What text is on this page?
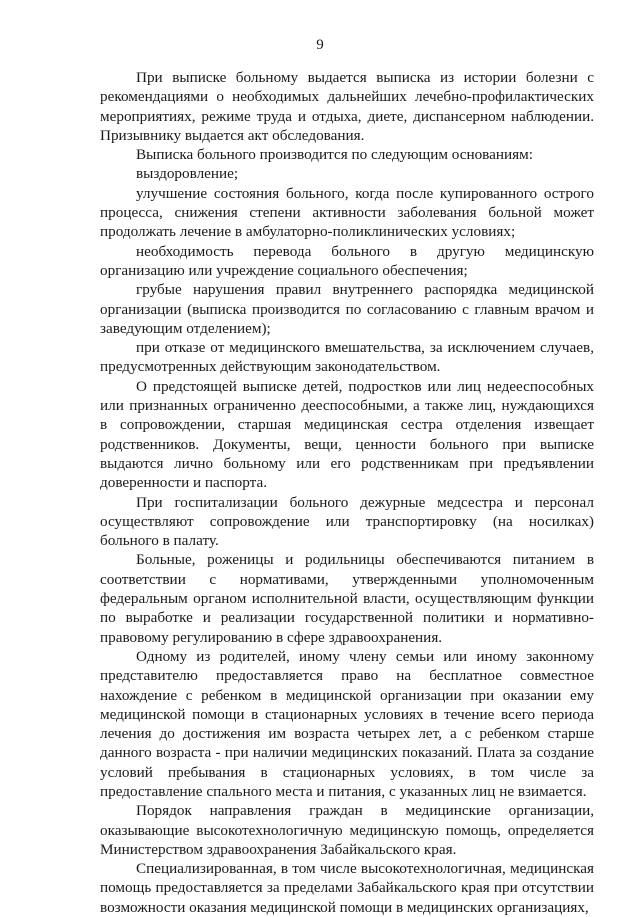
9

При выписке больному выдается выписка из истории болезни с рекомендациями о необходимых дальнейших лечебно-профилактических мероприятиях, режиме труда и отдыха, диете, диспансерном наблюдении. Призывнику выдается акт обследования.

Выписка больного производится по следующим основаниям:

выздоровление;

улучшение состояния больного, когда после купированного острого процесса, снижения степени активности заболевания больной может продолжать лечение в амбулаторно-поликлинических условиях;

необходимость перевода больного в другую медицинскую организацию или учреждение социального обеспечения;

грубые нарушения правил внутреннего распорядка медицинской организации (выписка производится по согласованию с главным врачом и заведующим отделением);

при отказе от медицинского вмешательства, за исключением случаев, предусмотренных действующим законодательством.

О предстоящей выписке детей, подростков или лиц недееспособных или признанных ограниченно дееспособными, а также лиц, нуждающихся в сопровождении, старшая медицинская сестра отделения извещает родственников. Документы, вещи, ценности больного при выписке выдаются лично больному или его родственникам при предъявлении доверенности и паспорта.

При госпитализации больного дежурные медсестра и персонал осуществляют сопровождение или транспортировку (на носилках) больного в палату.

Больные, роженицы и родильницы обеспечиваются питанием в соответствии с нормативами, утвержденными уполномоченным федеральным органом исполнительной власти, осуществляющим функции по выработке и реализации государственной политики и нормативно-правовому регулированию в сфере здравоохранения.

Одному из родителей, иному члену семьи или иному законному представителю предоставляется право на бесплатное совместное нахождение с ребенком в медицинской организации при оказании ему медицинской помощи в стационарных условиях в течение всего периода лечения до достижения им возраста четырех лет, а с ребенком старше данного возраста - при наличии медицинских показаний. Плата за создание условий пребывания в стационарных условиях, в том числе за предоставление спального места и питания, с указанных лиц не взимается.

Порядок направления граждан в медицинские организации, оказывающие высокотехнологичную медицинскую помощь, определяется Министерством здравоохранения Забайкальского края.

Специализированная, в том числе высокотехнологичная, медицинская помощь предоставляется за пределами Забайкальского края при отсутствии возможности оказания медицинской помощи в медицинских организациях,
